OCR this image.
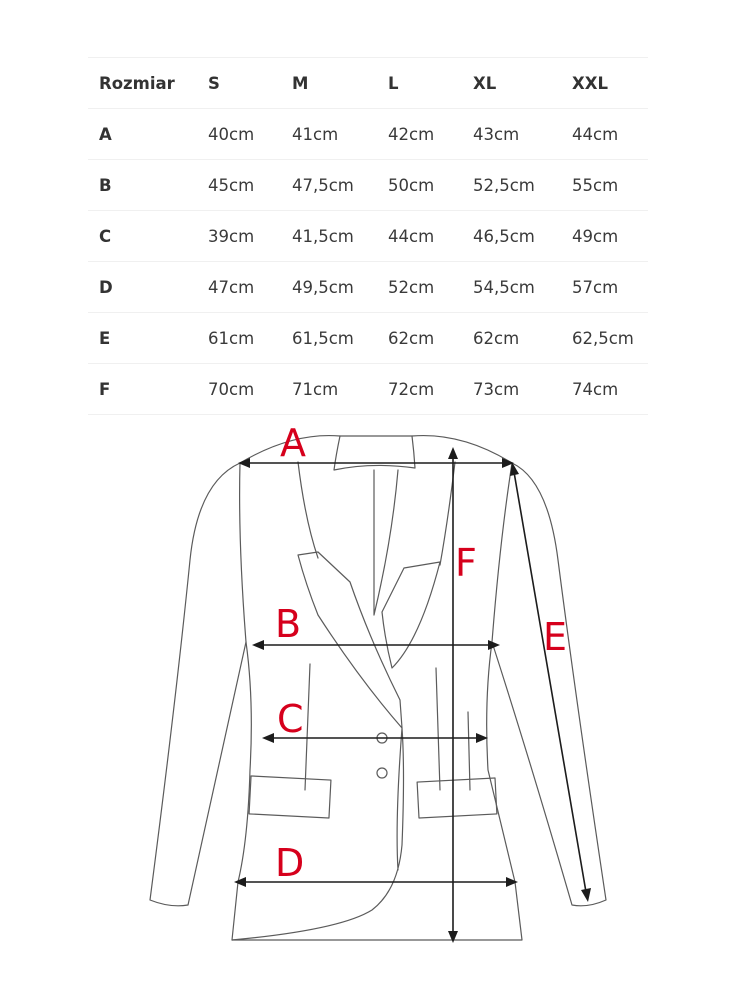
Rozmiar	S	M	L	XL	XXL
A	40cm	41cm	42cm	43cm	44cm
B	45cm	47,5cm	50cm	52,5cm	55cm
C	39cm	41,5cm	44cm	46,5cm	49cm
D	47cm	49,5cm	52cm	54,5cm	57cm
E	61cm	61,5cm	62cm	62cm	62,5cm
F	70cm	71cm	72cm	73cm	74cm
A
B
C
D
E
F
